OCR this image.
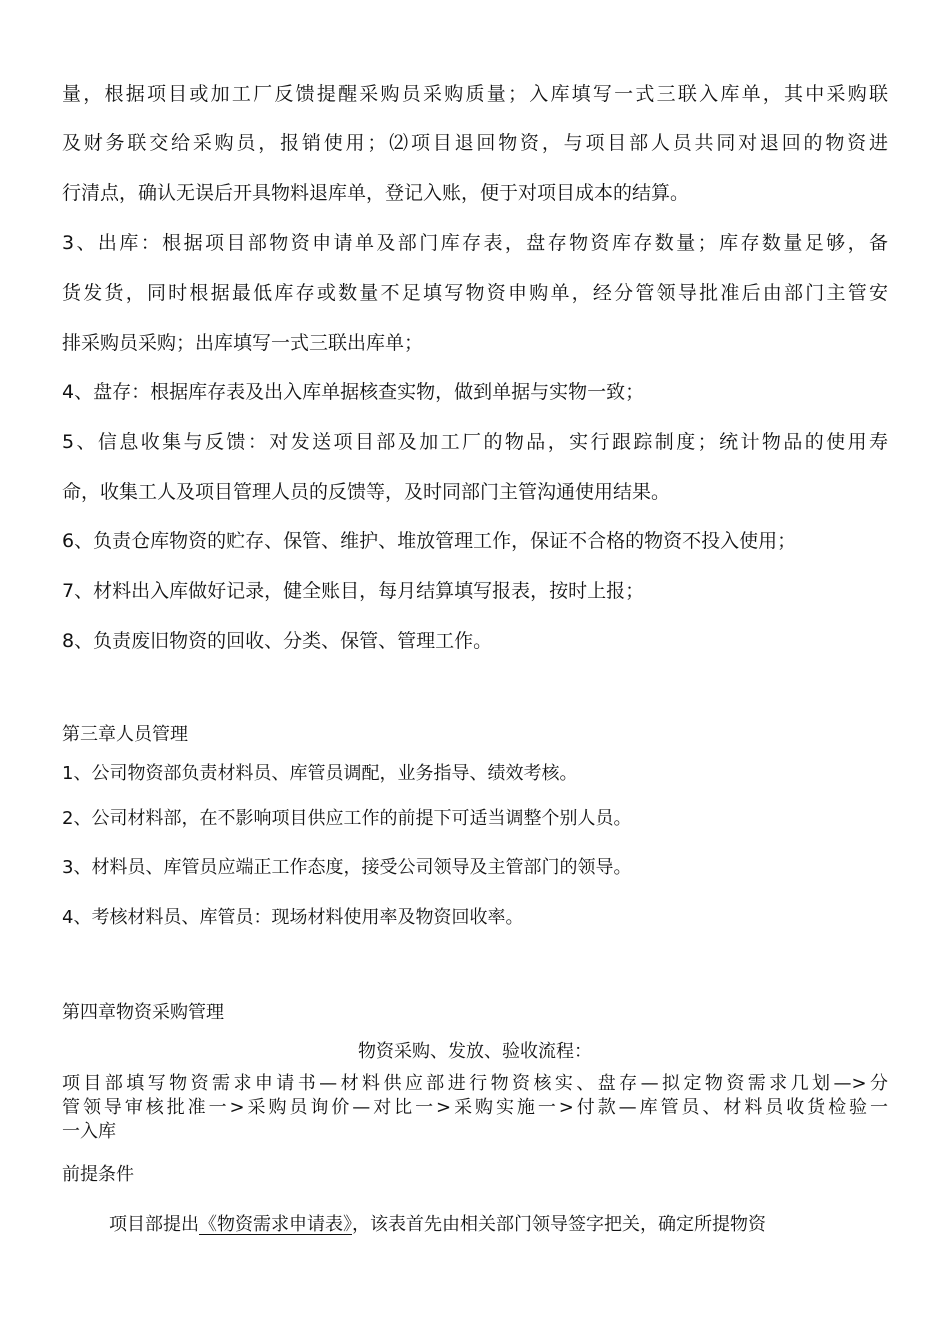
量，根据项目或加工厂反馈提醒采购员采购质量；入库填写一式三联入库单，其中采购联
及财务联交给采购员，报销使用；⑵项目退回物资，与项目部人员共同对退回的物资进
行清点，确认无误后开具物料退库单，登记入账，便于对项目成本的结算。
3、出库：根据项目部物资申请单及部门库存表，盘存物资库存数量；库存数量足够，备
货发货，同时根据最低库存或数量不足填写物资申购单，经分管领导批准后由部门主管安
排采购员采购；出库填写一式三联出库单；
4、盘存：根据库存表及出入库单据核查实物，做到单据与实物一致；
5、信息收集与反馈：对发送项目部及加工厂的物品，实行跟踪制度；统计物品的使用寿
命，收集工人及项目管理人员的反馈等，及时同部门主管沟通使用结果。
6、负责仓库物资的贮存、保管、维护、堆放管理工作，保证不合格的物资不投入使用；
7、材料出入库做好记录，健全账目，每月结算填写报表，按时上报；
8、负责废旧物资的回收、分类、保管、管理工作。
第三章人员管理
1、公司物资部负责材料员、库管员调配，业务指导、绩效考核。
2、公司材料部，在不影响项目供应工作的前提下可适当调整个别人员。
3、材料员、库管员应端正工作态度，接受公司领导及主管部门的领导。
4、考核材料员、库管员：现场材料使用率及物资回收率。
第四章物资采购管理
物资采购、发放、验收流程：
项目部填写物资需求申请书—材料供应部进行物资核实、盘存—拟定物资需求几划—>分
管领导审核批准一>采购员询价—对比一>采购实施一>付款—库管员、材料员收货检验一
一入库
前提条件
项目部提出《物资需求申请表》，该表首先由相关部门领导签字把关，确定所提物资
